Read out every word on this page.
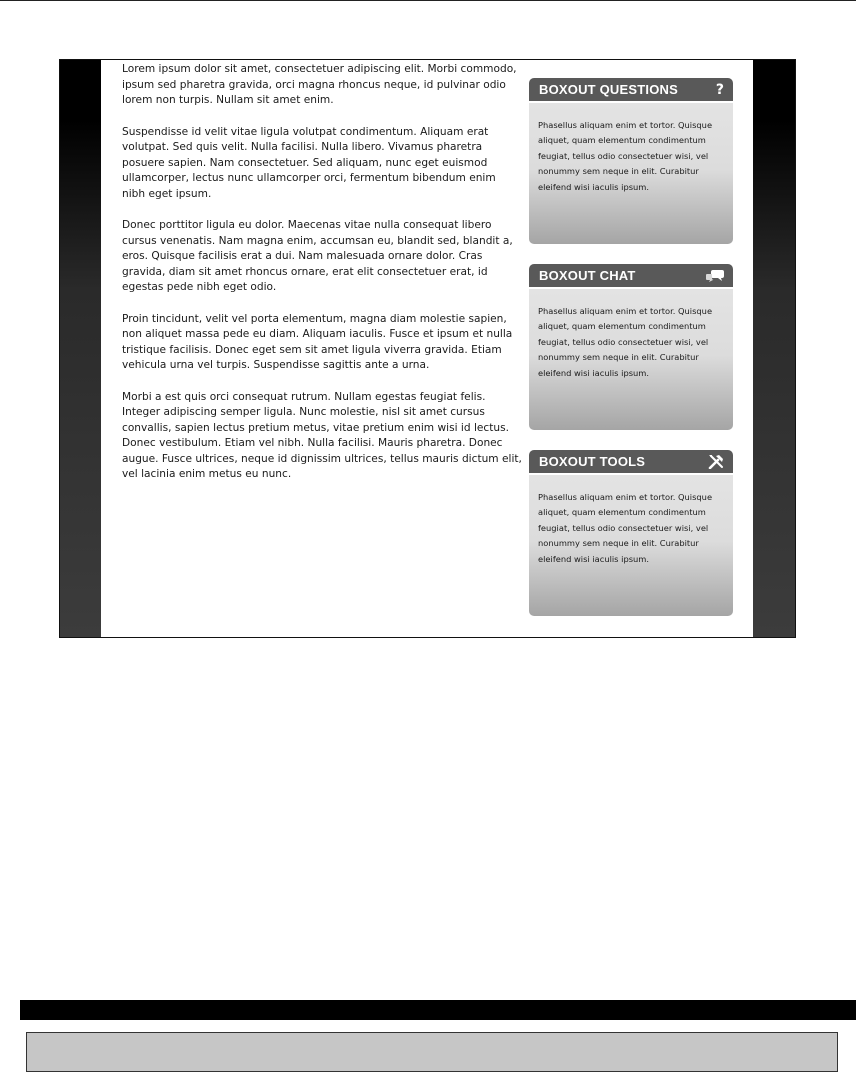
Lorem ipsum dolor sit amet, consectetuer adipiscing elit. Morbi commodo, ipsum sed pharetra gravida, orci magna rhoncus neque, id pulvinar odio lorem non turpis. Nullam sit amet enim.

Suspendisse id velit vitae ligula volutpat condimentum. Aliquam erat volutpat. Sed quis velit. Nulla facilisi. Nulla libero. Vivamus pharetra posuere sapien. Nam consectetuer. Sed aliquam, nunc eget euismod ullamcorper, lectus nunc ullamcorper orci, fermentum bibendum enim nibh eget ipsum.

Donec porttitor ligula eu dolor. Maecenas vitae nulla consequat libero cursus venenatis. Nam magna enim, accumsan eu, blandit sed, blandit a, eros. Quisque facilisis erat a dui. Nam malesuada ornare dolor. Cras gravida, diam sit amet rhoncus ornare, erat elit consectetuer erat, id egestas pede nibh eget odio.

Proin tincidunt, velit vel porta elementum, magna diam molestie sapien, non aliquet massa pede eu diam. Aliquam iaculis. Fusce et ipsum et nulla tristique facilisis. Donec eget sem sit amet ligula viverra gravida. Etiam vehicula urna vel turpis. Suspendisse sagittis ante a urna.

Morbi a est quis orci consequat rutrum. Nullam egestas feugiat felis. Integer adipiscing semper ligula. Nunc molestie, nisl sit amet cursus convallis, sapien lectus pretium metus, vitae pretium enim wisi id lectus. Donec vestibulum. Etiam vel nibh. Nulla facilisi. Mauris pharetra. Donec augue. Fusce ultrices, neque id dignissim ultrices, tellus mauris dictum elit, vel lacinia enim metus eu nunc.

BOXOUT QUESTIONS	?
Phasellus aliquam enim et tortor. Quisque aliquet, quam elementum condimentum feugiat, tellus odio consectetuer wisi, vel nonummy sem neque in elit. Curabitur eleifend wisi iaculis ipsum.
BOXOUT CHAT
Phasellus aliquam enim et tortor. Quisque aliquet, quam elementum condimentum feugiat, tellus odio consectetuer wisi, vel nonummy sem neque in elit. Curabitur eleifend wisi iaculis ipsum.
BOXOUT TOOLS
Phasellus aliquam enim et tortor. Quisque aliquet, quam elementum condimentum feugiat, tellus odio consectetuer wisi, vel nonummy sem neque in elit. Curabitur eleifend wisi iaculis ipsum.
